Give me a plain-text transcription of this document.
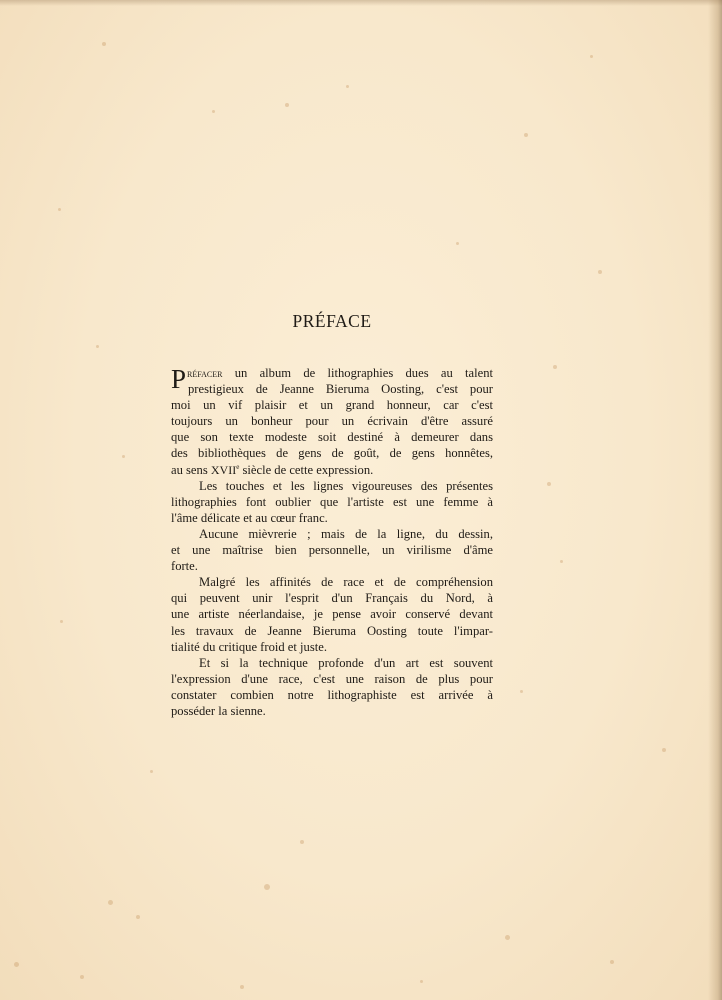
PRÉFACE
P réfacer un album de lithographies dues au talent
prestigieux de Jeanne Bieruma Oosting, c'est pour
moi un vif plaisir et un grand honneur, car c'est
toujours un bonheur pour un écrivain d'être assuré
que son texte modeste soit destiné à demeurer dans
des bibliothèques de gens de goût, de gens honnêtes,
au sens XVIIe siècle de cette expression.
Les touches et les lignes vigoureuses des présentes
lithographies font oublier que l'artiste est une femme à
l'âme délicate et au cœur franc.
Aucune mièvrerie ; mais de la ligne, du dessin,
et une maîtrise bien personnelle, un virilisme d'âme
forte.
Malgré les affinités de race et de compréhension
qui peuvent unir l'esprit d'un Français du Nord, à
une artiste néerlandaise, je pense avoir conservé devant
les travaux de Jeanne Bieruma Oosting toute l'impar-
tialité du critique froid et juste.
Et si la technique profonde d'un art est souvent
l'expression d'une race, c'est une raison de plus pour
constater combien notre lithographiste est arrivée à
posséder la sienne.
